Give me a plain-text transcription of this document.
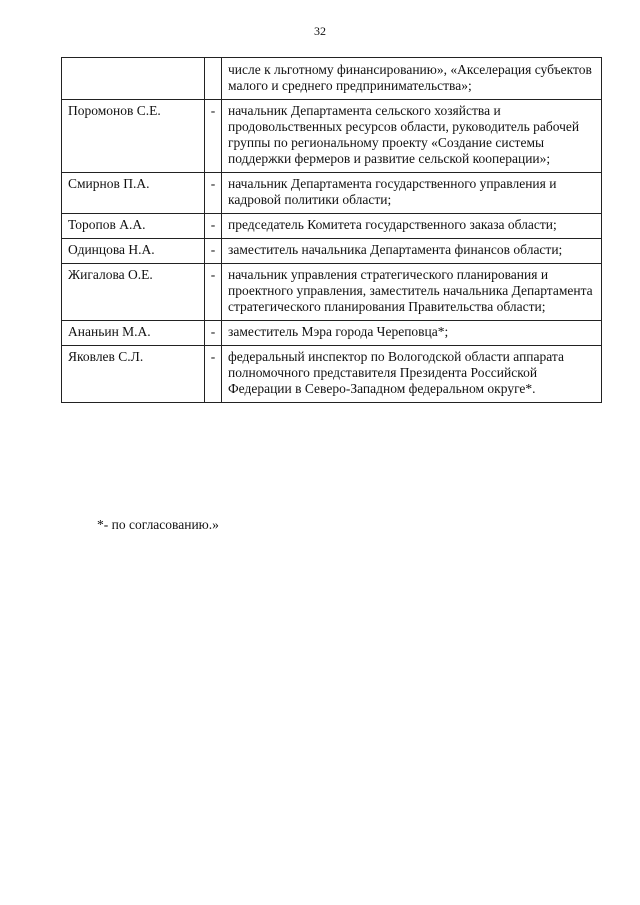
32
		числе к льготному финансированию», «Акселерация субъектов малого и среднего предпринимательства»;
Поромонов С.Е.	-	начальник Департамента сельского хозяйства и продовольственных ресурсов области, руководитель рабочей группы по региональному проекту «Создание системы поддержки фермеров и развитие сельской кооперации»;
Смирнов П.А.	-	начальник Департамента государственного управления и кадровой политики области;
Торопов А.А.	-	председатель Комитета государственного заказа области;
Одинцова Н.А.	-	заместитель начальника Департамента финансов области;
Жигалова О.Е.	-	начальник управления стратегического планирования и проектного управления, заместитель начальника Департамента стратегического планирования Правительства области;
Ананьин М.А.	-	заместитель Мэра города Череповца*;
Яковлев С.Л.	-	федеральный инспектор по Вологодской области аппарата полномочного представителя Президента Российской Федерации в Северо-Западном федеральном округе*.
*- по согласованию.»
